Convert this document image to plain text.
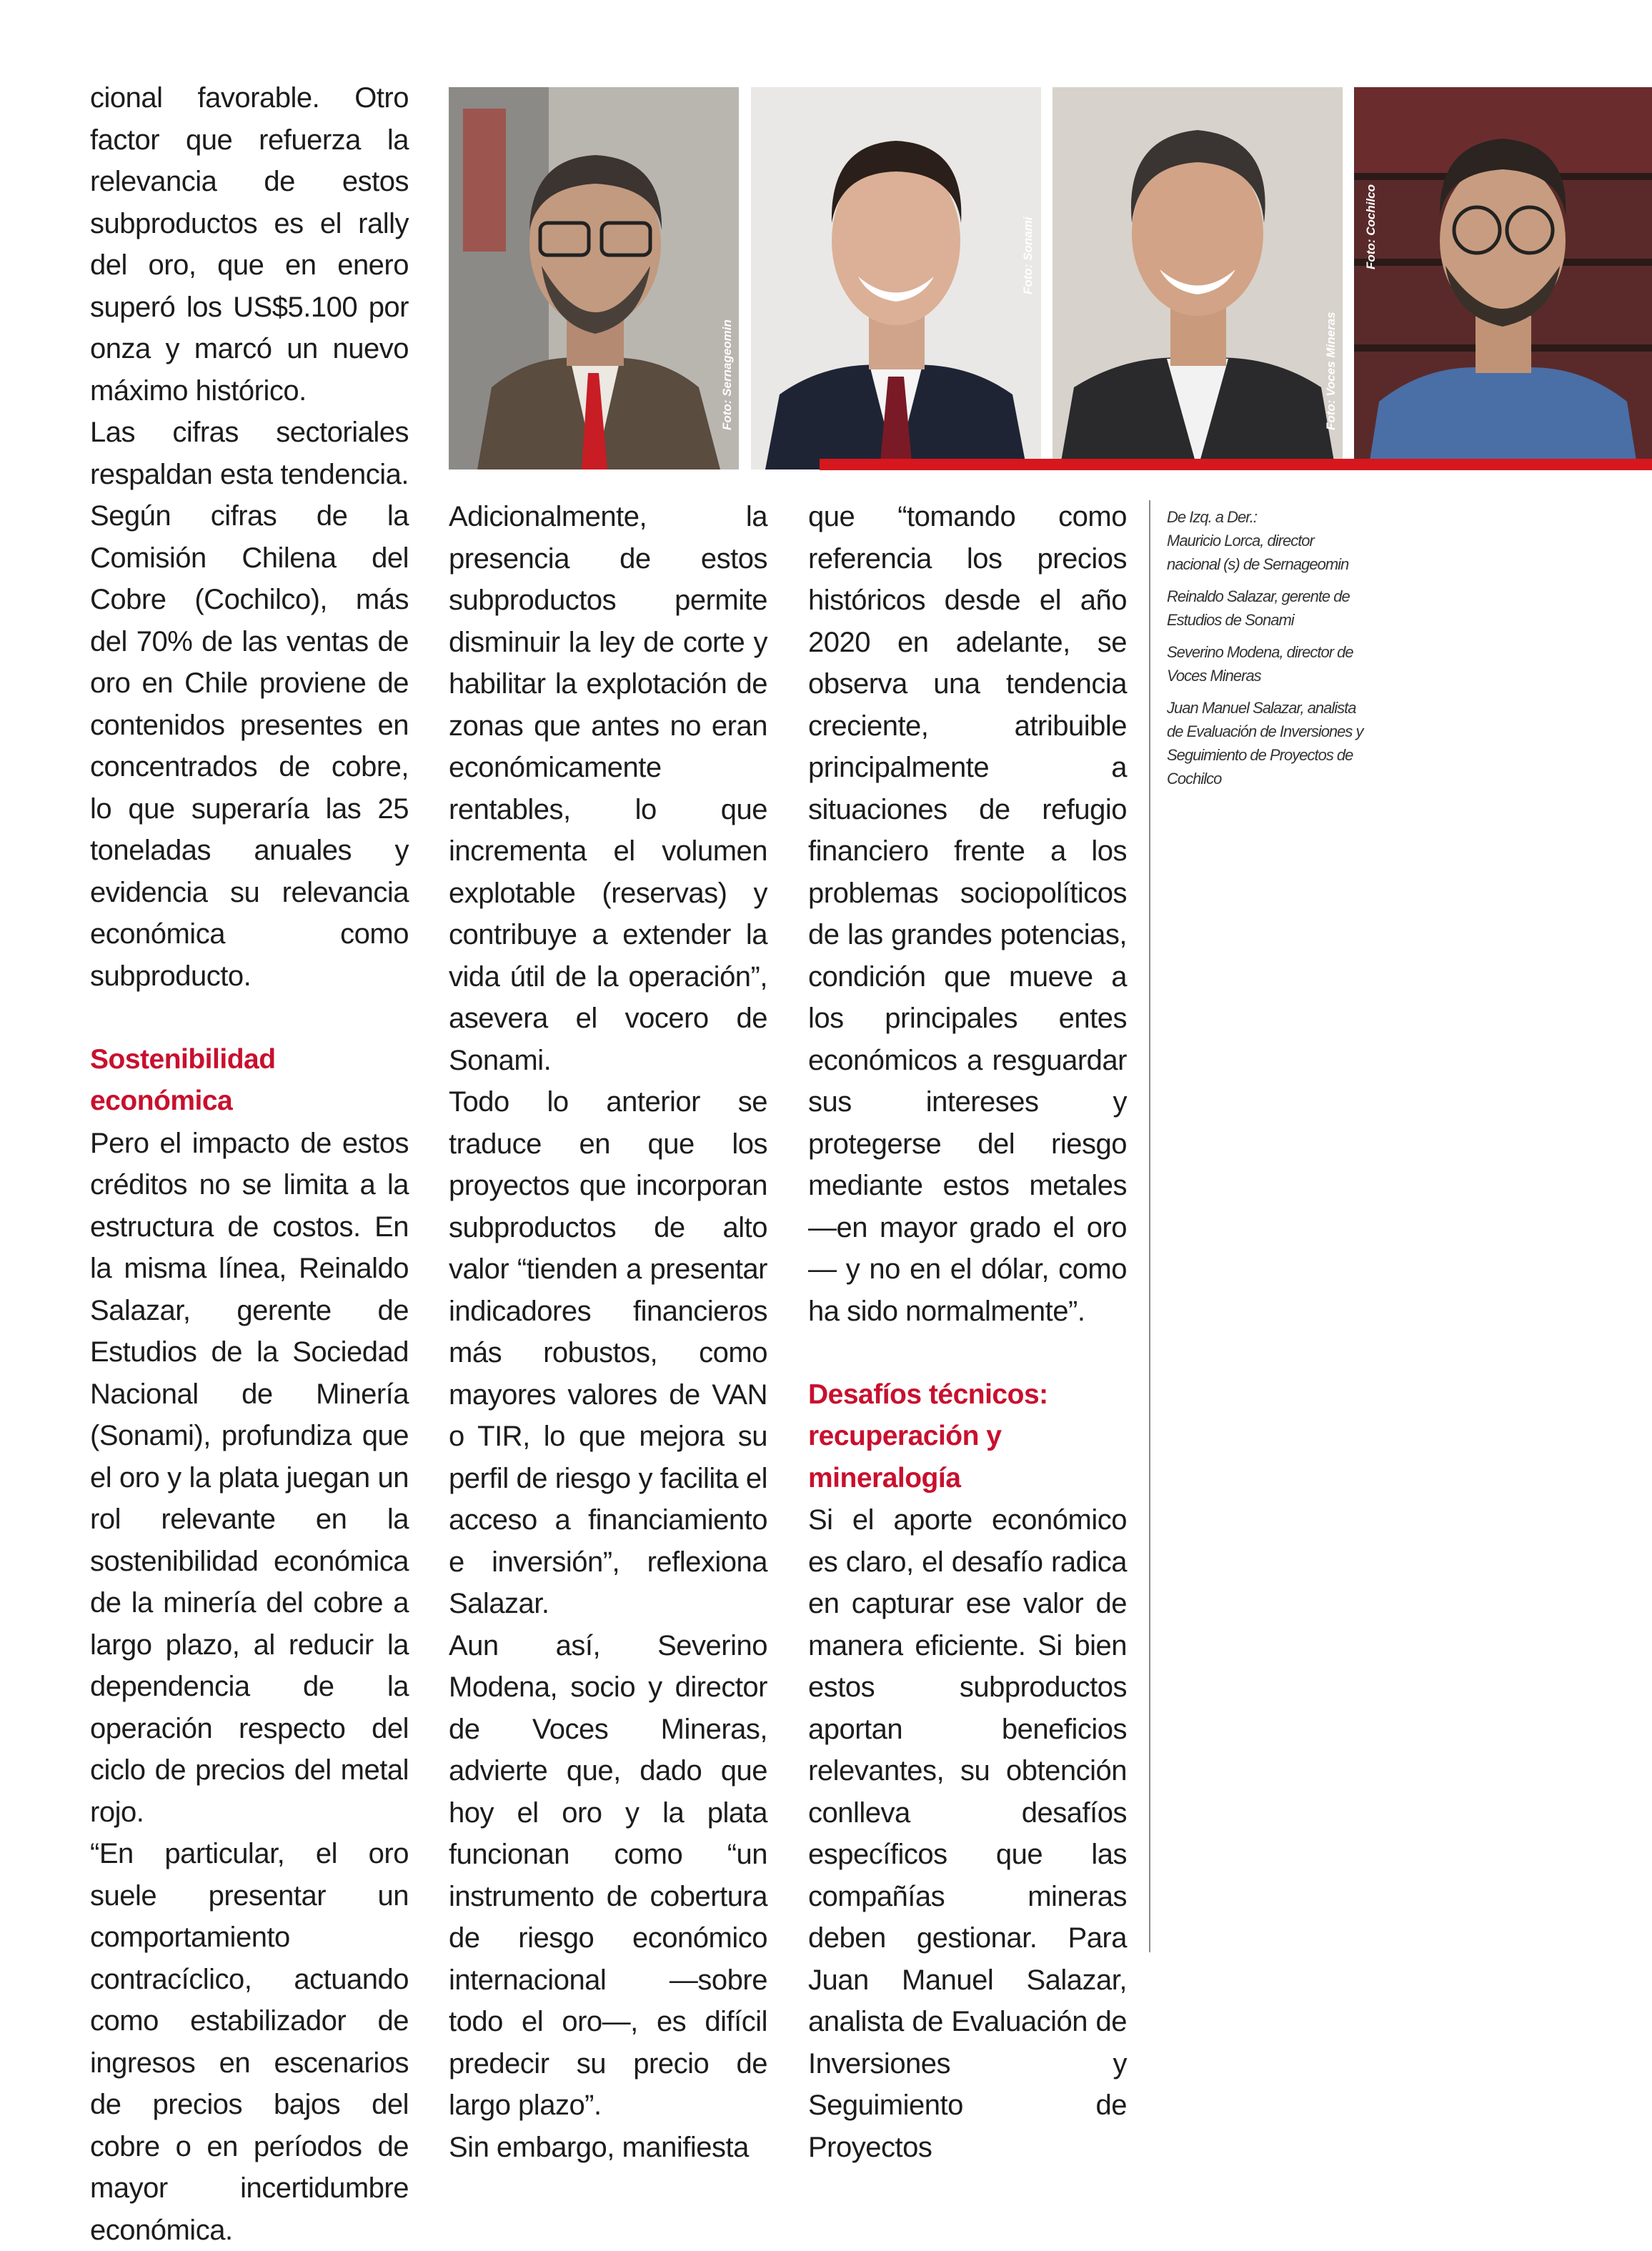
cional favorable. Otro factor que refuerza la relevancia de estos subproductos es el rally del oro, que en enero superó los US$5.100 por onza y marcó un nuevo máximo histórico.

Las cifras sectoriales respaldan esta tendencia. Según cifras de la Comisión Chilena del Cobre (Cochilco), más del 70% de las ventas de oro en Chile proviene de contenidos presentes en concentrados de cobre, lo que superaría las 25 toneladas anuales y evidencia su relevancia económica como subproducto.

Sostenibilidad económica

Pero el impacto de estos créditos no se limita a la estructura de costos. En la misma línea, Reinaldo Salazar, gerente de Estudios de la Sociedad Nacional de Minería (Sonami), profundiza que el oro y la plata juegan un rol relevante en la sostenibilidad económica de la minería del cobre a largo plazo, al reducir la dependencia de la operación respecto del ciclo de precios del metal rojo.

“En particular, el oro suele presentar un comportamiento contracíclico, actuando como estabilizador de ingresos en escenarios de precios bajos del cobre o en períodos de mayor incertidumbre económica.

Foto: Sernageomin
Foto: Sonami
Foto: Voces Mineras
Foto: Cochilco

Adicionalmente, la presencia de estos subproductos permite disminuir la ley de corte y habilitar la explotación de zonas que antes no eran económicamente rentables, lo que incrementa el volumen explotable (reservas) y contribuye a extender la vida útil de la operación”, asevera el vocero de Sonami.

Todo lo anterior se traduce en que los proyectos que incorporan subproductos de alto valor “tienden a presentar indicadores financieros más robustos, como mayores valores de VAN o TIR, lo que mejora su perfil de riesgo y facilita el acceso a financiamiento e inversión”, reflexiona Salazar.

Aun así, Severino Modena, socio y director de Voces Mineras, advierte que, dado que hoy el oro y la plata funcionan como “un instrumento de cobertura de riesgo económico internacional —sobre todo el oro—, es difícil predecir su precio de largo plazo”.

Sin embargo, manifiesta

que “tomando como referencia los precios históricos desde el año 2020 en adelante, se observa una tendencia creciente, atribuible principalmente a situaciones de refugio financiero frente a los problemas sociopolíticos de las grandes potencias, condición que mueve a los principales entes económicos a resguardar sus intereses y protegerse del riesgo mediante estos metales —en mayor grado el oro— y no en el dólar, como ha sido normalmente”.

Desafíos técnicos: recuperación y mineralogía

Si el aporte económico es claro, el desafío radica en capturar ese valor de manera eficiente. Si bien estos subproductos aportan beneficios relevantes, su obtención conlleva desafíos específicos que las compañías mineras deben gestionar. Para Juan Manuel Salazar, analista de Evaluación de Inversiones y Seguimiento de Proyectos

De Izq. a Der.:
Mauricio Lorca, director nacional (s) de Sernageomin
Reinaldo Salazar, gerente de Estudios de Sonami
Severino Modena, director de Voces Mineras
Juan Manuel Salazar, analista de Evaluación de Inversiones y Seguimiento de Proyectos de Cochilco
